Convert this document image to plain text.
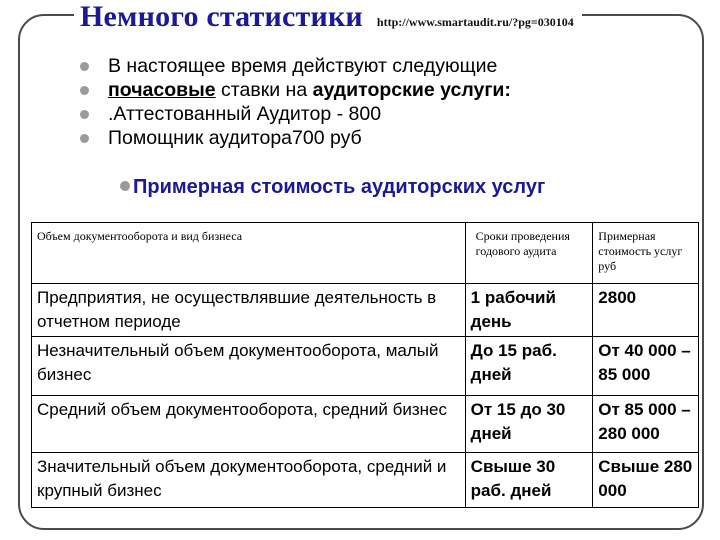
Немного статистики http://www.smartaudit.ru/?pg=030104
В настоящее время действуют следующие
почасовые ставки на аудиторские услуги:
.Аттестованный Аудитор - 800
Помощник аудитора700 руб
Примерная стоимость аудиторских услуг
Объем документооборота и вид бизнеса	Сроки проведения годового аудита	Примерная стоимость услуг руб
Предприятия, не осуществлявшие деятельность в отчетном периоде	1 рабочий день	2800
Незначительный объем документооборота, малый бизнес	До 15 раб. дней	От 40 000 – 85 000
Средний объем документооборота, средний бизнес	От 15 до 30 дней	От 85 000 – 280 000
Значительный объем документооборота, средний и крупный бизнес	Свыше 30 раб. дней	Свыше 280 000
